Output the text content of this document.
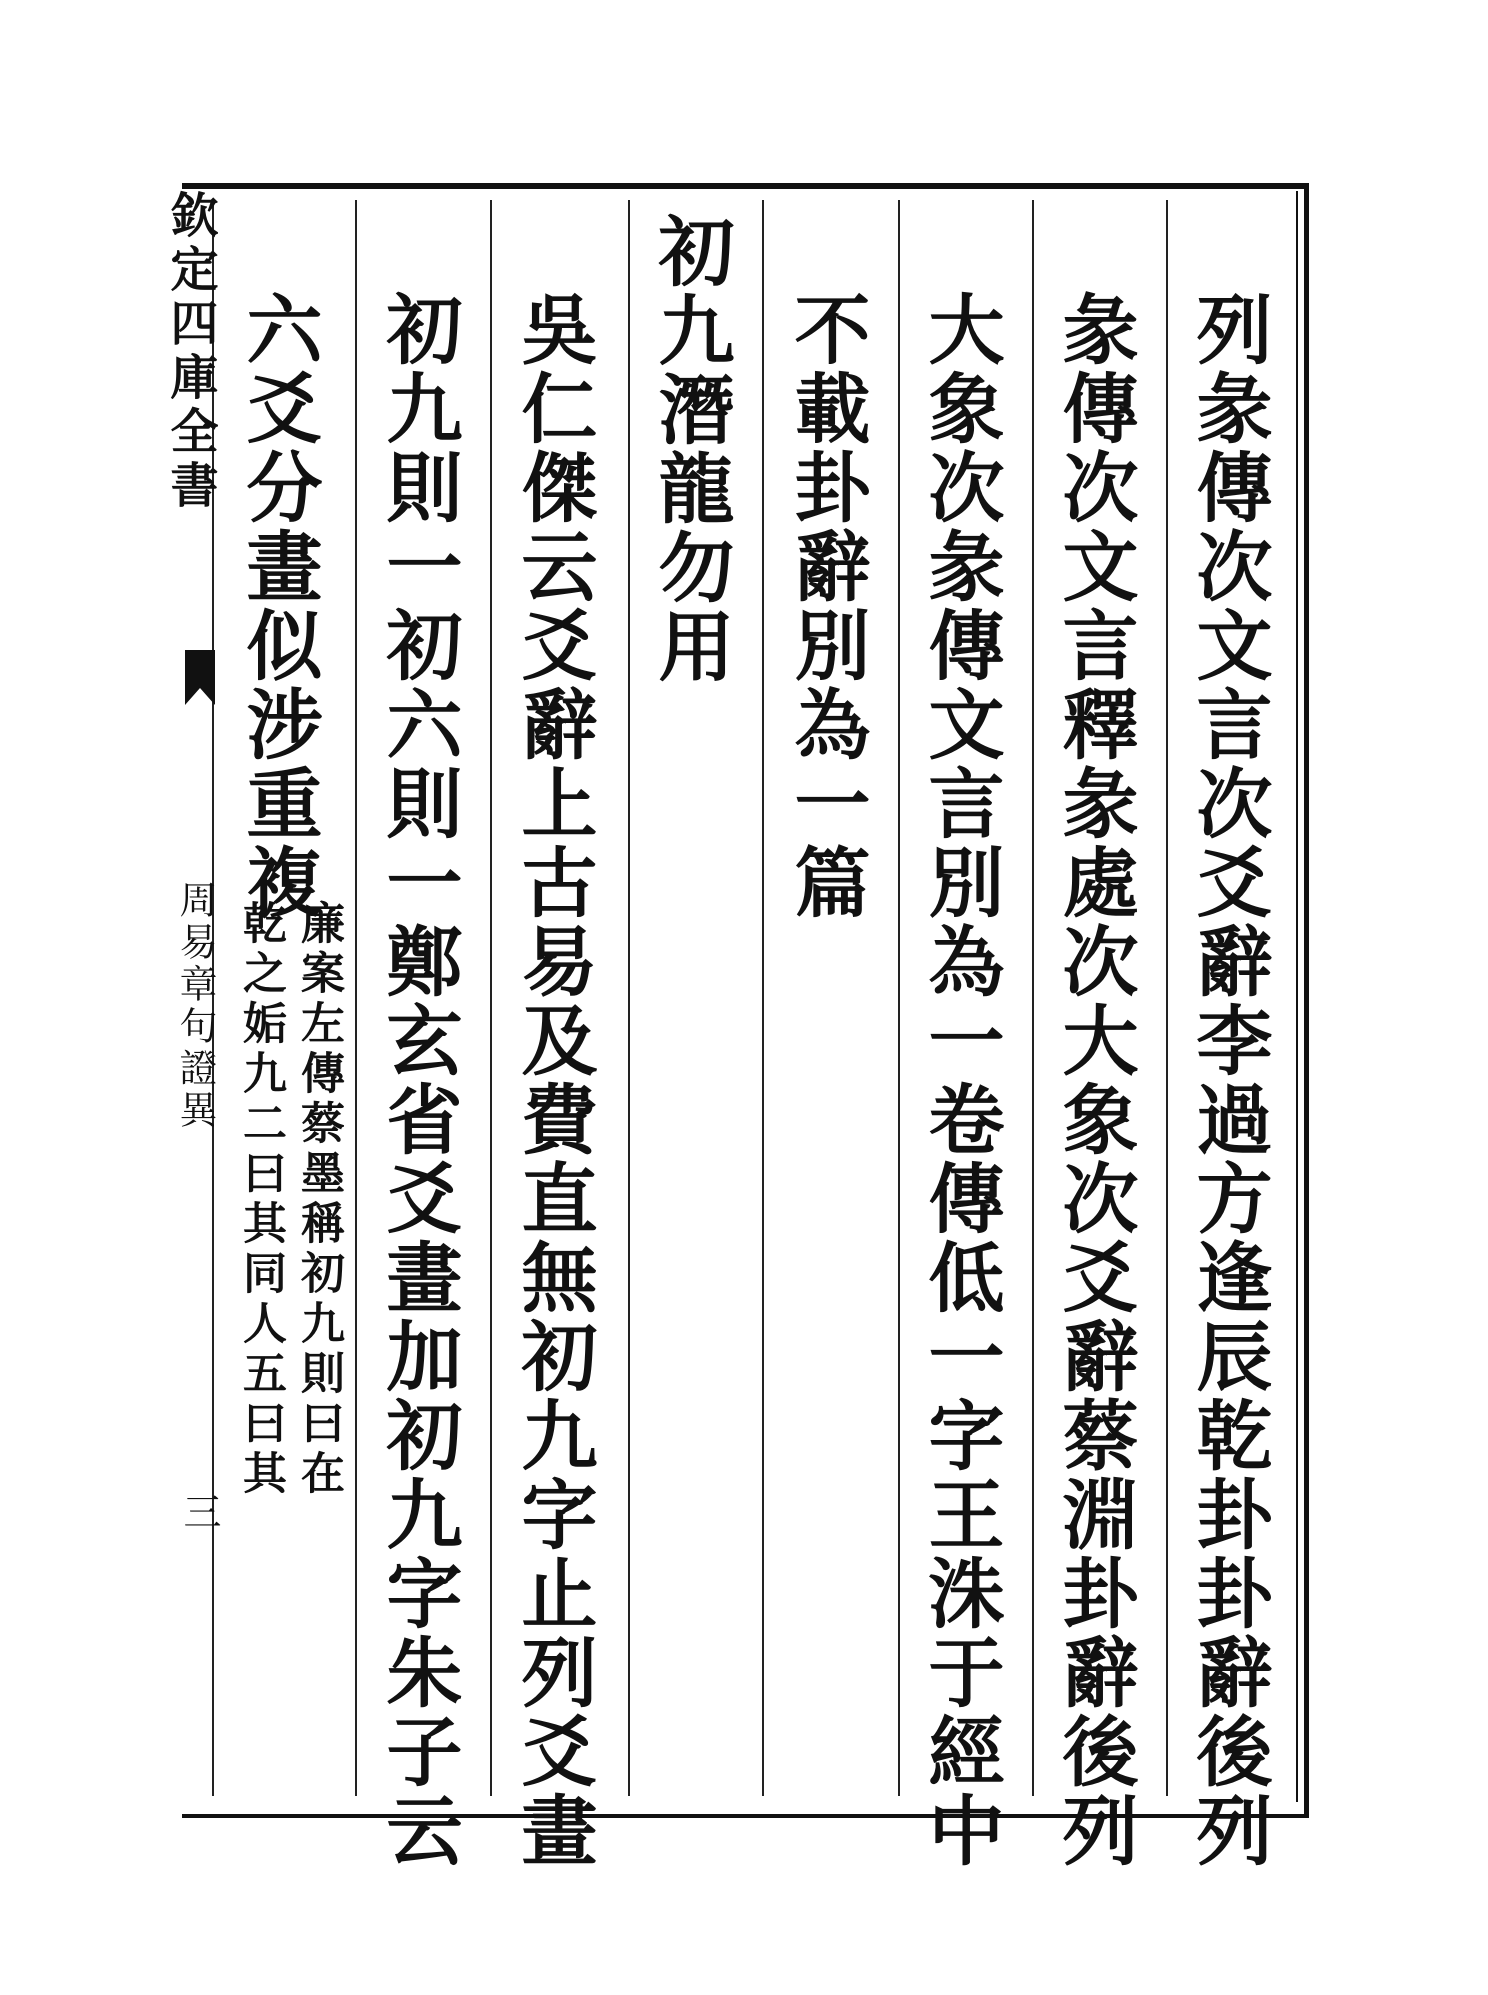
欽定四庫全書
周易章句證異
三	列彖傳次文言次爻辭李過方逢辰乾卦卦辭後列
彖傳次文言釋彖處次大象次爻辭蔡淵卦辭後列
大象次彖傳文言別為一卷傳低一字王洙于經中
不載卦辭別為一篇
初九潛龍勿用
吳仁傑云爻辭上古易及費直無初九字止列爻畫
初九則一初六則一鄭玄省爻畫加初九字朱子云
六爻分畫似涉重複
廉案左傳蔡墨稱初九則曰在
乾之姤九二曰其同人五曰其
